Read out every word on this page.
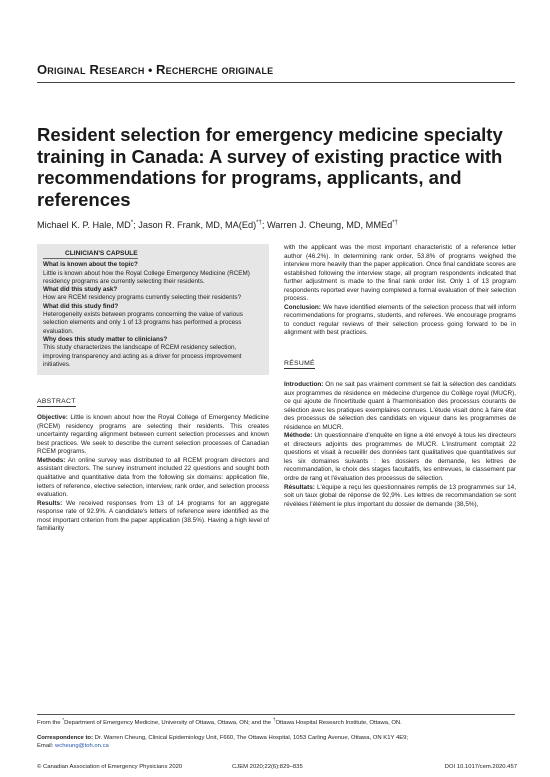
Original Research • Recherche originale
Resident selection for emergency medicine specialty training in Canada: A survey of existing practice with recommendations for programs, applicants, and references
Michael K. P. Hale, MD*; Jason R. Frank, MD, MA(Ed)*†; Warren J. Cheung, MD, MMEd*†
CLINICIAN'S CAPSULE
What is known about the topic?
Little is known about how the Royal College Emergency Medicine (RCEM) residency programs are currently selecting their residents.
What did this study ask?
How are RCEM residency programs currently selecting their residents?
What did this study find?
Heterogeneity exists between programs concerning the value of various selection elements and only 1 of 13 programs has performed a process evaluation.
Why does this study matter to clinicians?
This study characterizes the landscape of RCEM residency selection, improving transparency and acting as a driver for process improvement initiatives.
ABSTRACT

Objective: Little is known about how the Royal College of Emergency Medicine (RCEM) residency programs are selecting their residents. This creates uncertainty regarding alignment between current selection processes and known best practices. We seek to describe the current selection processes of Canadian RCEM programs.

Methods: An online survey was distributed to all RCEM program directors and assistant directors. The survey instrument included 22 questions and sought both qualitative and quantitative data from the following six domains: application file, letters of reference, elective selection, interview, rank order, and selection process evaluation.

Results: We received responses from 13 of 14 programs for an aggregate response rate of 92.9%. A candidate's letters of reference were identified as the most important criterion from the paper application (38.5%). Having a high level of familiarity

with the applicant was the most important characteristic of a reference letter author (46.2%). In determining rank order, 53.8% of programs weighed the interview more heavily than the paper application. Once final candidate scores are established following the interview stage, all program respondents indicated that further adjustment is made to the final rank order list. Only 1 of 13 program respondents reported ever having completed a formal evaluation of their selection process.

Conclusion: We have identified elements of the selection process that will inform recommendations for programs, students, and referees. We encourage programs to conduct regular reviews of their selection process going forward to be in alignment with best practices.

RÉSUMÉ

Introduction: On ne sait pas vraiment comment se fait la sélection des candidats aux programmes de résidence en médecine d'urgence du Collège royal (MUCR), ce qui ajoute de l'incertitude quant à l'harmonisation des processus courants de sélection avec les pratiques exemplaires connues. L'étude visait donc à faire état des processus de sélection des candidats en vigueur dans les programmes de résidence en MUCR.

Méthode: Un questionnaire d'enquête en ligne a été envoyé à tous les directeurs et directeurs adjoints des programmes de MUCR. L'instrument comptait 22 questions et visait à recueillir des données tant qualitatives que quantitatives sur les six domaines suivants : les dossiers de demande, les lettres de recommandation, le choix des stages facultatifs, les entrevues, le classement par ordre de rang et l'évaluation des processus de sélection.

Résultats: L'équipe a reçu les questionnaires remplis de 13 programmes sur 14, soit un taux global de réponse de 92,9%. Les lettres de recommandation se sont révélées l'élément le plus important du dossier de demande (38,5%),

From the *Department of Emergency Medicine, University of Ottawa, Ottawa, ON; and the †Ottawa Hospital Research Institute, Ottawa, ON.

Correspondence to: Dr. Warren Cheung, Clinical Epidemiology Unit, F660, The Ottawa Hospital, 1053 Carling Avenue, Ottawa, ON K1Y 4E9;

Email: wcheung@toh.on.ca

© Canadian Association of Emergency Physicians 2020	CJEM 2020;22(6):829–835	DOI 10.1017/cem.2020.457
